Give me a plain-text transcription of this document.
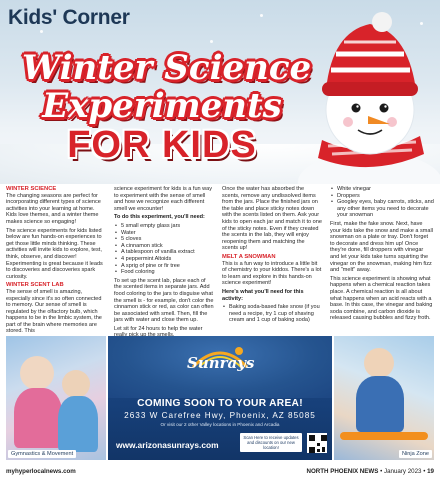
Kids' Corner
Winter Science
Experiments
FOR KIDS
WINTER SCIENCE

The changing seasons are perfect for incorporating different types of science activities into your learning at home. Kids love themes, and a winter theme makes science so engaging!

The science experiments for kids listed below are fun hands-on experiences to get those little minds thinking. These activities will invite kids to explore, test, think, observe, and discover! Experimenting is great because it leads to discoveries and discoveries spark curiosity.

WINTER SCENT LAB

The sense of smell is amazing, especially since it's so often connected to memory. Our sense of smell is regulated by the olfactory bulb, which happens to be in the limbic system, the part of the brain where memories are stored. This

science experiment for kids is a fun way to experiment with the sense of smell and how we recognize each different smell we encounter!

To do this experiment, you'll need:

• 5 small empty glass jars
• Water
• 5 cloves
• A cinnamon stick
• A tablespoon of vanilla extract
• 4 peppermint Altoids
• A sprig of pine or fir tree
• Food coloring

To set up the scent lab, place each of the scented items in separate jars. Add food coloring to the jars to disguise what the smell is - for example, don't color the cinnamon stick or red, as color can often be associated with smell. Then, fill the jars with water and close them up.

Let sit for 24 hours to help the water

Once the water has absorbed the scents, remove any undissolved items from the jars. Place the finished jars on the table and place sticky notes down with the scents listed on them. Ask your kids to open each jar and match it to one of the sticky notes. Even if they created the scents in the lab, they will enjoy reopening them and matching the scents up!

MELT A SNOWMAN

This is a fun way to introduce a little bit of chemistry to your kiddos. There's a lot to learn and explore in this hands-on science experiment!

Here's what you'll need for this activity:

• Baking soda-based fake snow (if you need a recipe, try 1 cup of shaving cream and 1 cup of baking soda)
• White vinegar
• Droppers
• Googley eyes, baby carrots, sticks, and any other items you need to decorate your snowman

First, make the fake snow. Next, have your kids take the snow and make a small snowman on a plate or tray. Don't forget to decorate and dress him up! Once they're done, fill droppers with vinegar and let your kids take turns squirting the vinegar on the snowman, making him fizz and "melt" away.

This science experiment is showing what happens when a chemical reaction takes place. A chemical reaction is all about what happens when an acid reacts with a base. In this case, the vinegar and baking soda combine, and carbon dioxide is released causing bubbles and fizzy froth.

Gymnastics & Movement
Sunrays
COMING SOON TO YOUR AREA!
2633 W Carefree Hwy, Phoenix, AZ 85085
Or visit our 2 other Valley locations in Phoenix and Arcadia
www.arizonasunrays.com
Scan Here to receive updates and discounts on our new location!
Ninja Zone
myhyperlocalnews.com	NORTH PHOENIX NEWS • January 2023 • 19
